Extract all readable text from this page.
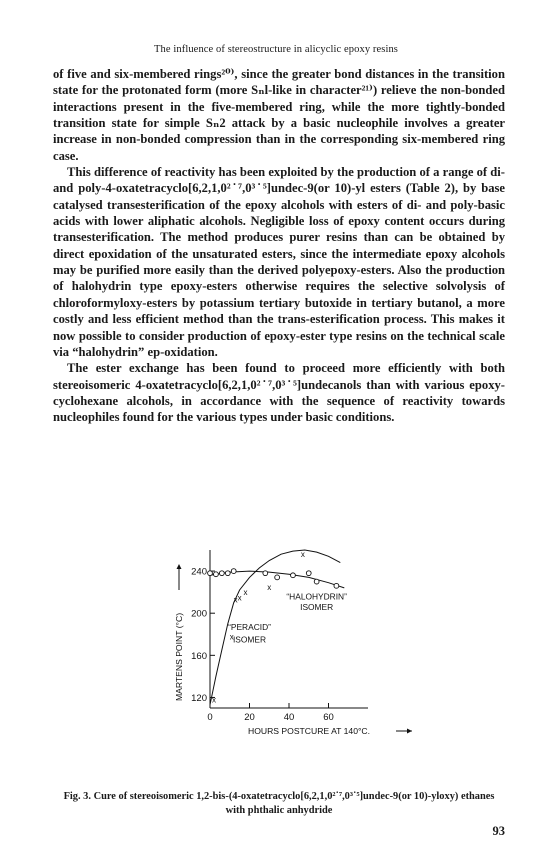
The influence of stereostructure in alicyclic epoxy resins

of five and six-membered rings²⁰⁾, since the greater bond distances in the transition state for the protonated form (more Sₙl-like in character²¹⁾) relieve the non-bonded interactions present in the five-membered ring, while the more tightly-bonded transition state for simple Sₙ2 attack by a basic nucleophile involves a greater increase in non-bonded compression than in the corresponding six-membered ring case.

This difference of reactivity has been exploited by the production of a range of di- and poly-4-oxatetracyclo[6,2,1,0²˙⁷,0³˙⁵]undec-9(or 10)-yl esters (Table 2), by base catalysed transesterification of the epoxy alcohols with esters of di- and poly-basic acids with lower aliphatic alcohols. Negligible loss of epoxy content occurs during transesterification. The method produces purer resins than can be obtained by direct epoxidation of the unsaturated esters, since the intermediate epoxy alcohols may be purified more easily than the derived polyepoxy-esters. Also the production of halohydrin type epoxy-esters otherwise requires the selective solvolysis of chloroformyloxy-esters by potassium tertiary butoxide in tertiary butanol, a more costly and less efficient method than the trans-esterification process. This makes it now possible to consider production of epoxy-ester type resins on the technical scale via “halohydrin” ep-oxidation.

The ester exchange has been found to proceed more efficiently with both stereoisomeric 4-oxatetracyclo[6,2,1,0²˙⁷,0³˙⁵]undecanols than with various epoxy-cyclohexane alcohols, in accordance with the sequence of reactivity towards nucleophiles found for the various types under basic conditions.

120
160
200
240
0	20	40	60
HOURS POSTCURE AT 140°C.
MARTENS POINT (°C)	x
x
x x
x
x
x
“HALOHYDRIN”
ISOMER
“PERACID”
ISOMER
Fig. 3. Cure of stereoisomeric 1,2-bis-(4-oxatetracyclo[6,2,1,0²˙⁷,0³˙⁵]undec-9(or 10)-yloxy) ethanes with phthalic anhydride
93
